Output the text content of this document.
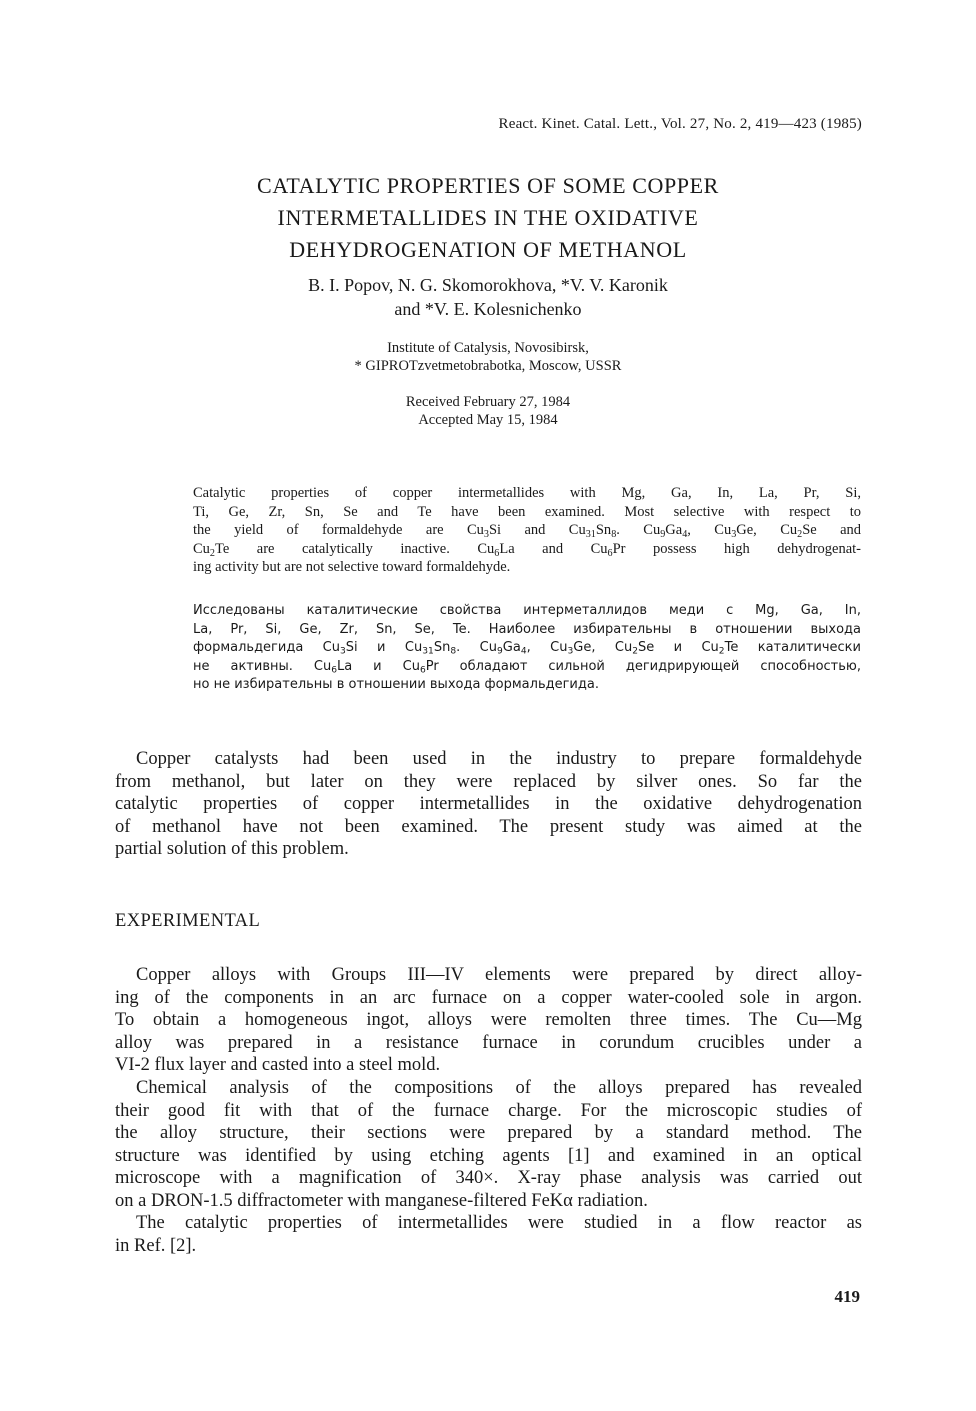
React. Kinet. Catal. Lett., Vol. 27, No. 2, 419—423 (1985)
CATALYTIC PROPERTIES OF SOME COPPER
INTERMETALLIDES IN THE OXIDATIVE
DEHYDROGENATION OF METHANOL
B. I. Popov, N. G. Skomorokhova, *V. V. Karonik
and *V. E. Kolesnichenko
Institute of Catalysis, Novosibirsk,
* GIPROTzvetmetobrabotka, Moscow, USSR
Received February 27, 1984
Accepted May 15, 1984
Catalytic properties of copper intermetallides with Mg, Ga, In, La, Pr, Si,
Ti, Ge, Zr, Sn, Se and Te have been examined. Most selective with respect to
the yield of formaldehyde are $Cu_3Si$ and $Cu_{31}Sn_8$. $Cu_9Ga_4$, $Cu_3Ge$, $Cu_2Se$ and
$Cu_2Te$ are catalytically inactive. $Cu_6La$ and $Cu_6Pr$ possess high dehydrogenat-
ing activity but are not selective toward formaldehyde.
Исследованы каталитические свойства интерметаллидов меди с Mg, Ga, In,
La, Pr, Si, Ge, Zr, Sn, Se, Te. Наиболее избирательны в отношении выхода
формальдегида $Cu_3Si$ и $Cu_{31}Sn_8$. $Cu_9Ga_4$, $Cu_3Ge$, $Cu_2Se$ и $Cu_2Te$ каталитически
не активны. $Cu_6La$ и $Cu_6Pr$ обладают сильной дегидрирующей способностью,
но не избирательны в отношении выхода формальдегида.
Copper catalysts had been used in the industry to prepare formaldehyde
from methanol, but later on they were replaced by silver ones. So far the
catalytic properties of copper intermetallides in the oxidative dehydrogenation
of methanol have not been examined. The present study was aimed at the
partial solution of this problem.
EXPERIMENTAL
Copper alloys with Groups III—IV elements were prepared by direct alloy-
ing of the components in an arc furnace on a copper water-cooled sole in argon.
To obtain a homogeneous ingot, alloys were remolten three times. The Cu—Mg
alloy was prepared in a resistance furnace in corundum crucibles under a
VI-2 flux layer and casted into a steel mold.
Chemical analysis of the compositions of the alloys prepared has revealed
their good fit with that of the furnace charge. For the microscopic studies of
the alloy structure, their sections were prepared by a standard method. The
structure was identified by using etching agents [1] and examined in an optical
microscope with a magnification of 340×. X-ray phase analysis was carried out
on a DRON-1.5 diffractometer with manganese-filtered FeKα radiation.
The catalytic properties of intermetallides were studied in a flow reactor as
in Ref. [2].
419
